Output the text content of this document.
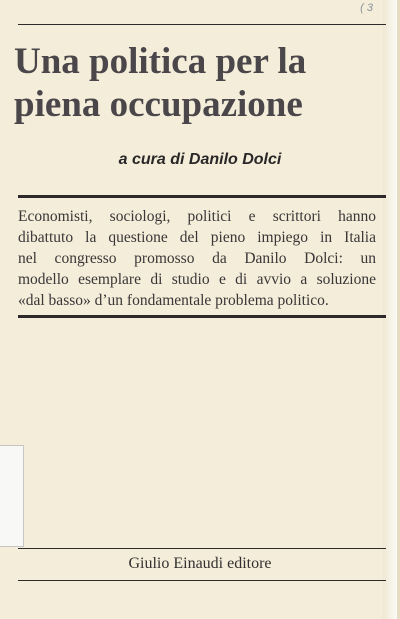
( 3
Una politica per la
piena occupazione
a cura di Danilo Dolci

Economisti, sociologi, politici e scrittori hanno
dibattuto la questione del pieno impiego in Italia
nel congresso promosso da Danilo Dolci: un
modello esemplare di studio e di avvio a soluzione
«dal basso» d’un fondamentale problema politico.

Giulio Einaudi editore
